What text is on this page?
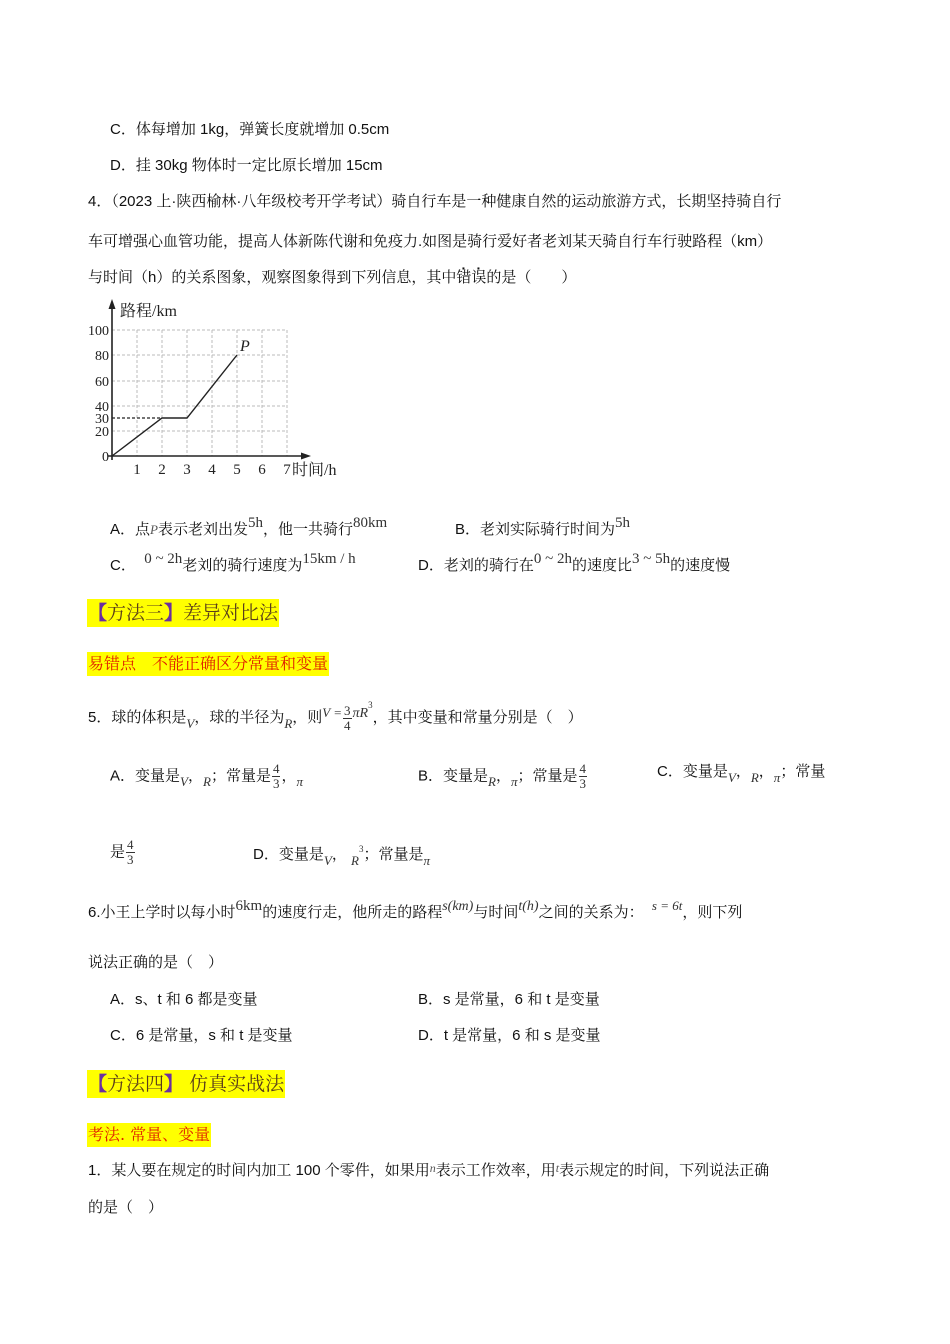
C．体每增加 1kg，弹簧长度就增加 0.5cm
D．挂 30kg 物体时一定比原长增加 15cm
4．（2023 上·陕西榆林·八年级校考开学考试）骑自行车是一种健康自然的运动旅游方式，长期坚持骑自行
车可增强心血管功能，提高人体新陈代谢和免疫力.如图是骑行爱好者老刘某天骑自行车行驶路程（km）
与时间（h）的关系图象，观察图象得到下列信息，其中错误的是（　　）
P
路程/km
时间/h
100
80
60
40
30
20
0
1 2 3 4 5 6 7
A．点P表示老刘出发5h，他一共骑行80km	B．老刘实际骑行时间为5h
C． 0 ~ 2h老刘的骑行速度为15km / h	D．老刘的骑行在0 ~ 2h的速度比3 ~ 5h的速度慢
【方法三】差异对比法
易错点　不能正确区分常量和变量
5．球的体积是V，球的半径为R，则$V = \frac{3}{4} \pi R^3$，其中变量和常量分别是（　）
A．变量是V，R；常量是 $\frac{4}{3}$ ，π	B．变量是R，π；常量是 $\frac{4}{3}$	C．变量是V，R，π；常量
是 $\frac{4}{3}$	D．变量是V， $R^3$；常量是π
6.小王上学时以每小时6km的速度行走，他所走的路程s(km)与时间t(h)之间的关系为： s = 6t，则下列
说法正确的是（　）
A．s、t 和 6 都是变量	B．s 是常量，6 和 t 是变量
C．6 是常量，s 和 t 是变量	D．t 是常量，6 和 s 是变量
【方法四】 仿真实战法
考法. 常量、变量
1．某人要在规定的时间内加工 100 个零件，如果用$^n$表示工作效率，用$^t$表示规定的时间，下列说法正确
的是（　）
